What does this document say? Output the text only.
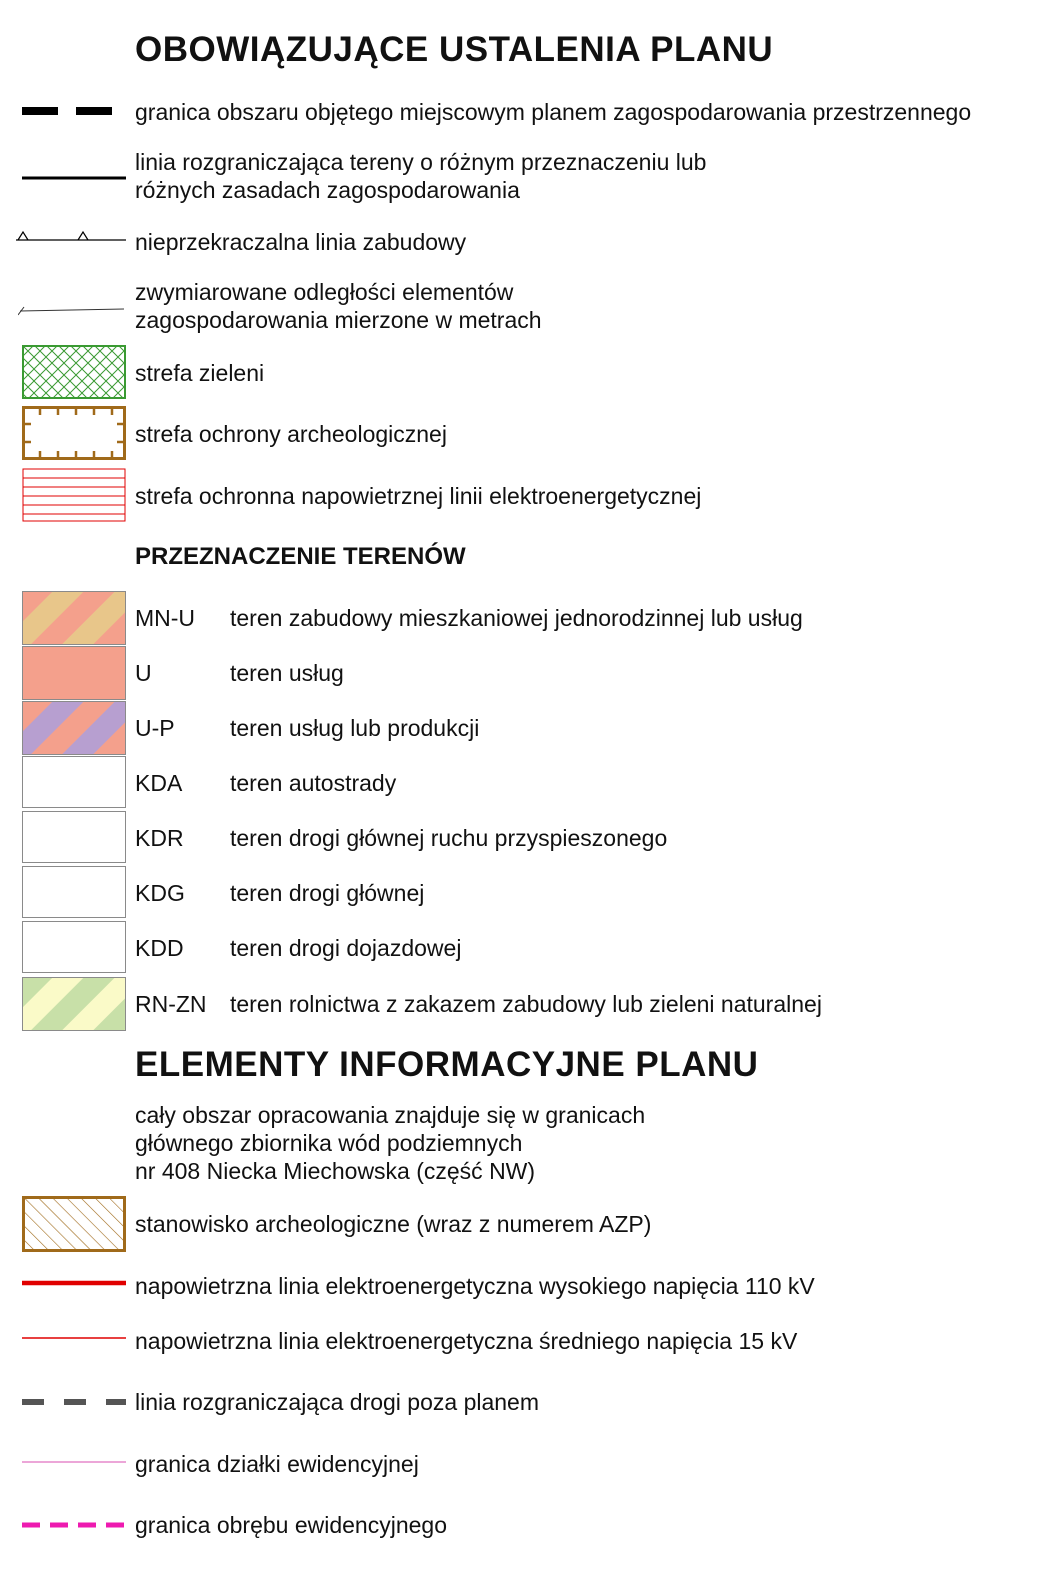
OBOWIĄZUJĄCE USTALENIA PLANU
granica obszaru objętego miejscowym planem zagospodarowania przestrzennego
linia rozgraniczająca tereny o różnym przeznaczeniu lub
różnych zasadach zagospodarowania
nieprzekraczalna linia zabudowy
zwymiarowane odległości elementów
zagospodarowania mierzone w metrach
strefa zieleni
strefa ochrony archeologicznej
strefa ochronna napowietrznej linii elektroenergetycznej
PRZEZNACZENIE TERENÓW
MN-U teren zabudowy mieszkaniowej jednorodzinnej lub usług
U	teren usług
U-P teren usług lub produkcji
KDA teren autostrady
KDR teren drogi głównej ruchu przyspieszonego
KDG teren drogi głównej
KDD teren drogi dojazdowej
RN-ZN teren rolnictwa z zakazem zabudowy lub zieleni naturalnej
ELEMENTY INFORMACYJNE PLANU
cały obszar opracowania znajduje się w granicach
głównego zbiornika wód podziemnych
nr 408 Niecka Miechowska (część NW)
stanowisko archeologiczne (wraz z numerem AZP)
napowietrzna linia elektroenergetyczna wysokiego napięcia 110 kV
napowietrzna linia elektroenergetyczna średniego napięcia 15 kV
linia rozgraniczająca drogi poza planem
granica działki ewidencyjnej
granica obrębu ewidencyjnego
